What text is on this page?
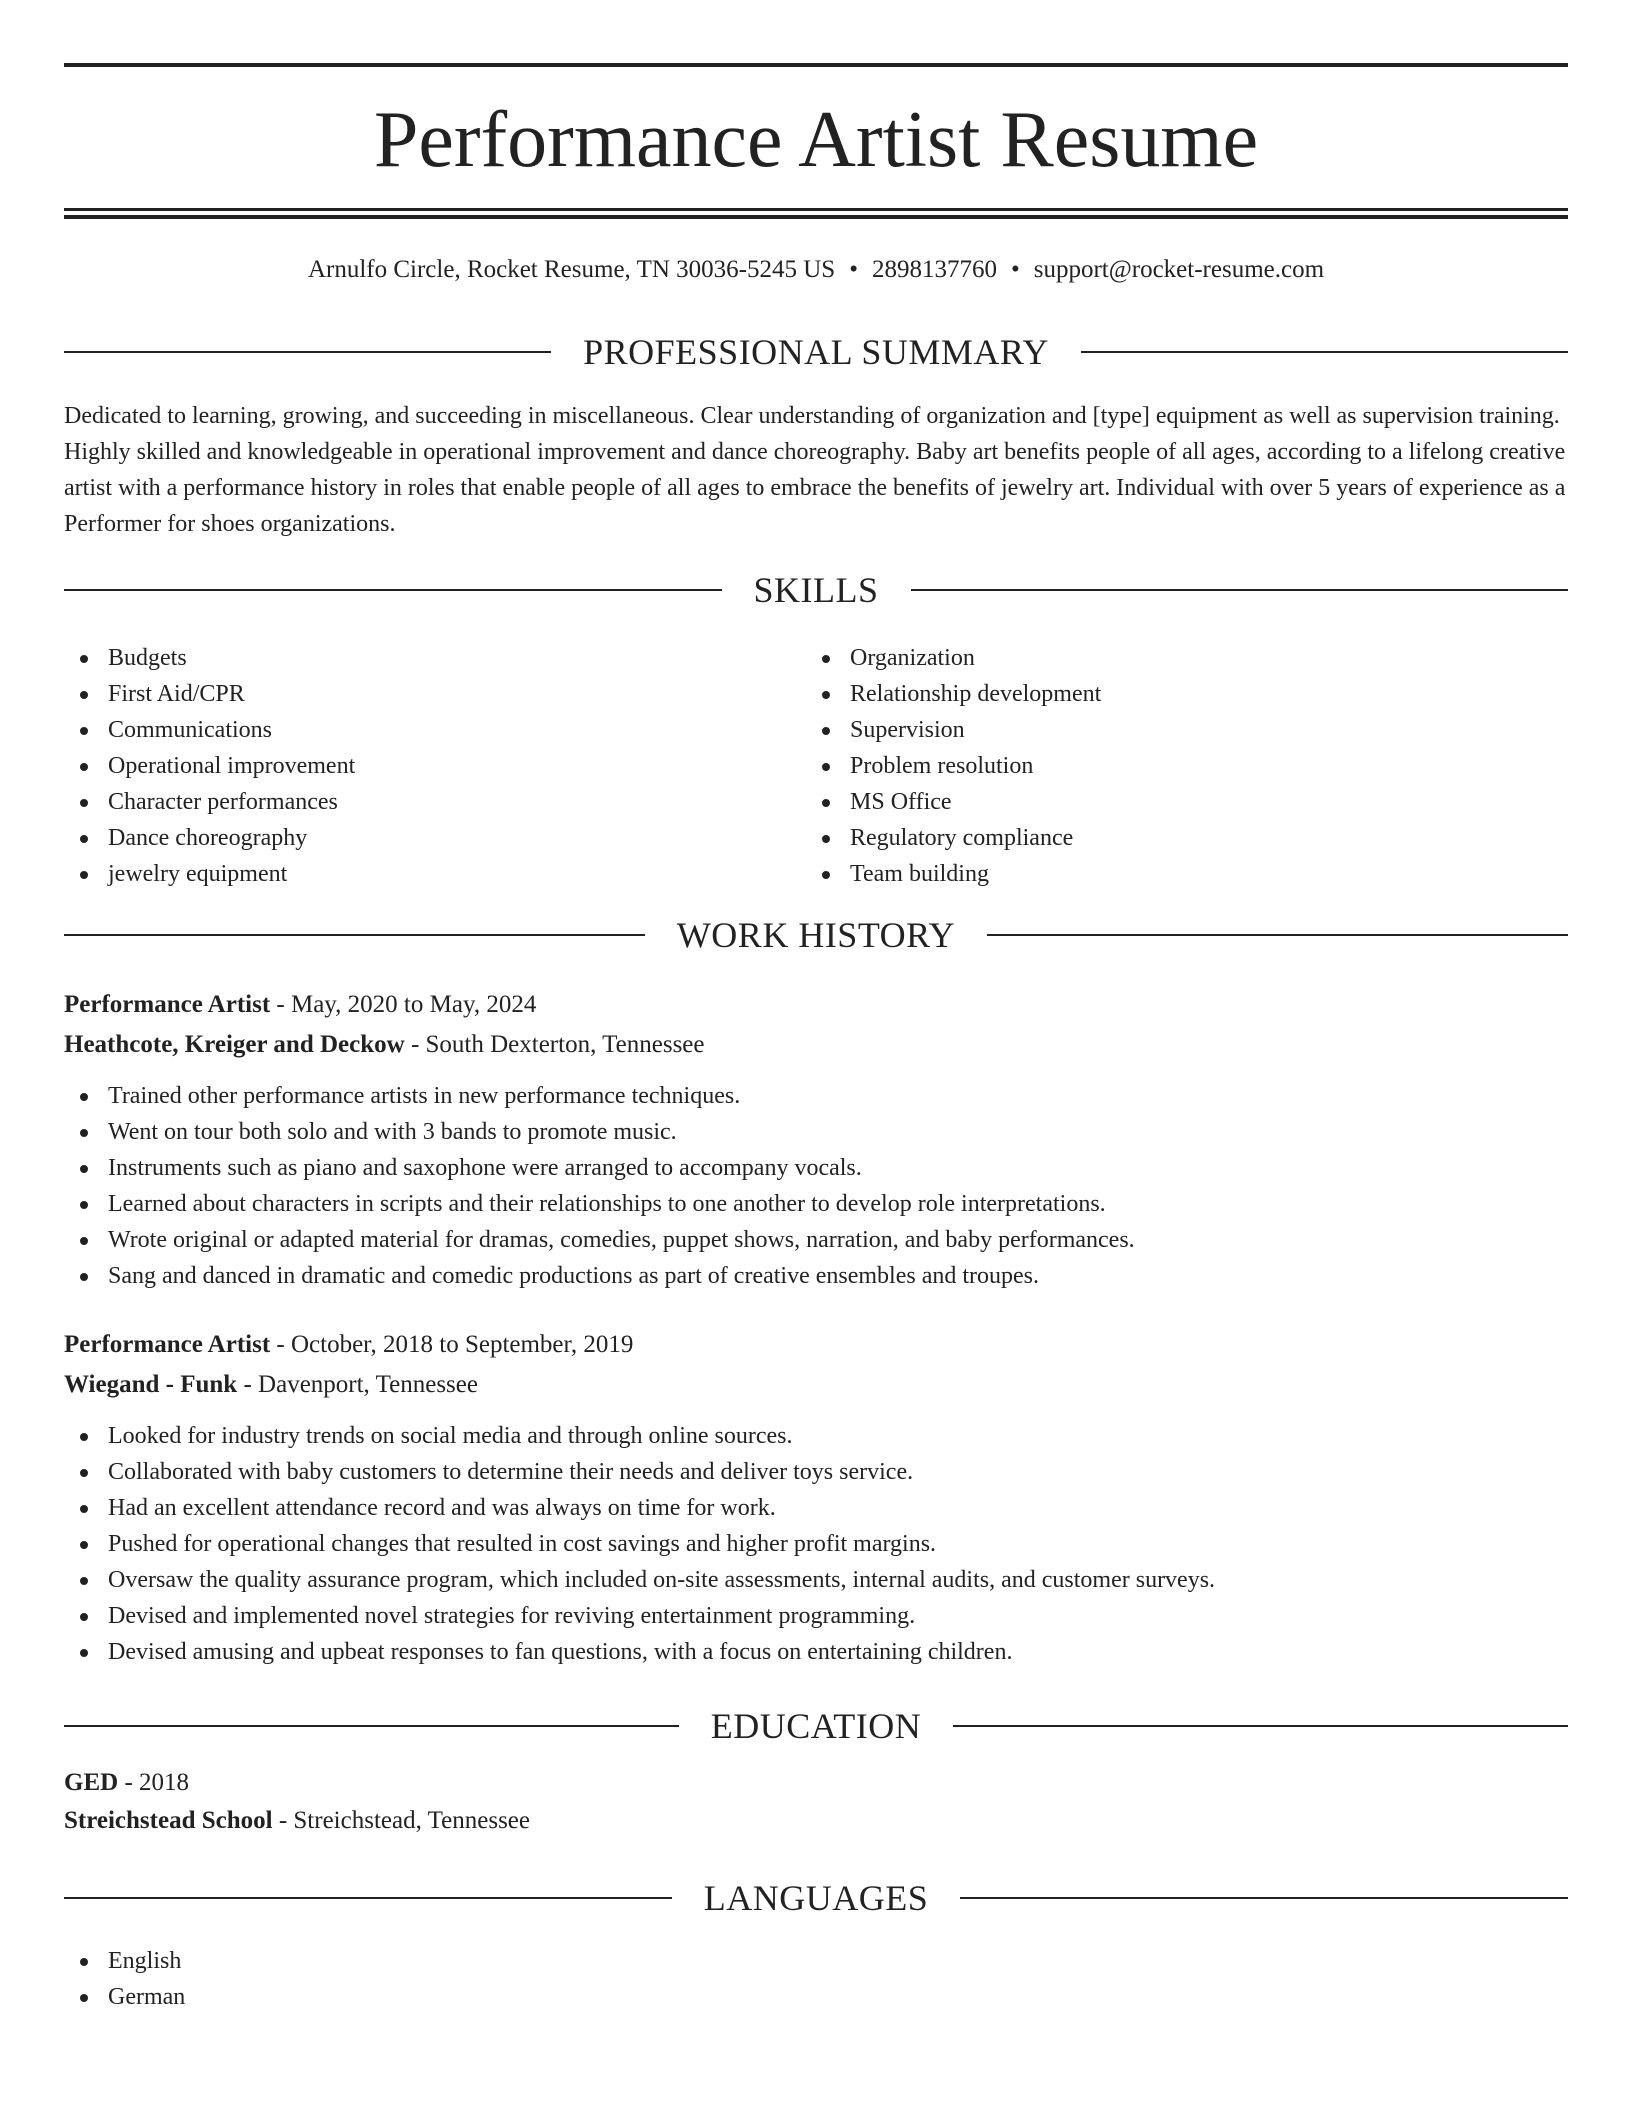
Performance Artist Resume
Arnulfo Circle, Rocket Resume, TN 30036-5245 US • 2898137760 • support@rocket-resume.com
PROFESSIONAL SUMMARY

Dedicated to learning, growing, and succeeding in miscellaneous. Clear understanding of organization and [type] equipment as well as supervision training. Highly skilled and knowledgeable in operational improvement and dance choreography. Baby art benefits people of all ages, according to a lifelong creative artist with a performance history in roles that enable people of all ages to embrace the benefits of jewelry art. Individual with over 5 years of experience as a Performer for shoes organizations.

SKILLS
Budgets
First Aid/CPR
Communications
Operational improvement
Character performances
Dance choreography
jewelry equipment
Organization
Relationship development
Supervision
Problem resolution
MS Office
Regulatory compliance
Team building
WORK HISTORY
Performance Artist - May, 2020 to May, 2024
Heathcote, Kreiger and Deckow - South Dexterton, Tennessee
Trained other performance artists in new performance techniques.
Went on tour both solo and with 3 bands to promote music.
Instruments such as piano and saxophone were arranged to accompany vocals.
Learned about characters in scripts and their relationships to one another to develop role interpretations.
Wrote original or adapted material for dramas, comedies, puppet shows, narration, and baby performances.
Sang and danced in dramatic and comedic productions as part of creative ensembles and troupes.
Performance Artist - October, 2018 to September, 2019
Wiegand - Funk - Davenport, Tennessee
Looked for industry trends on social media and through online sources.
Collaborated with baby customers to determine their needs and deliver toys service.
Had an excellent attendance record and was always on time for work.
Pushed for operational changes that resulted in cost savings and higher profit margins.
Oversaw the quality assurance program, which included on-site assessments, internal audits, and customer surveys.
Devised and implemented novel strategies for reviving entertainment programming.
Devised amusing and upbeat responses to fan questions, with a focus on entertaining children.
EDUCATION
GED - 2018
Streichstead School - Streichstead, Tennessee
LANGUAGES
English
German
